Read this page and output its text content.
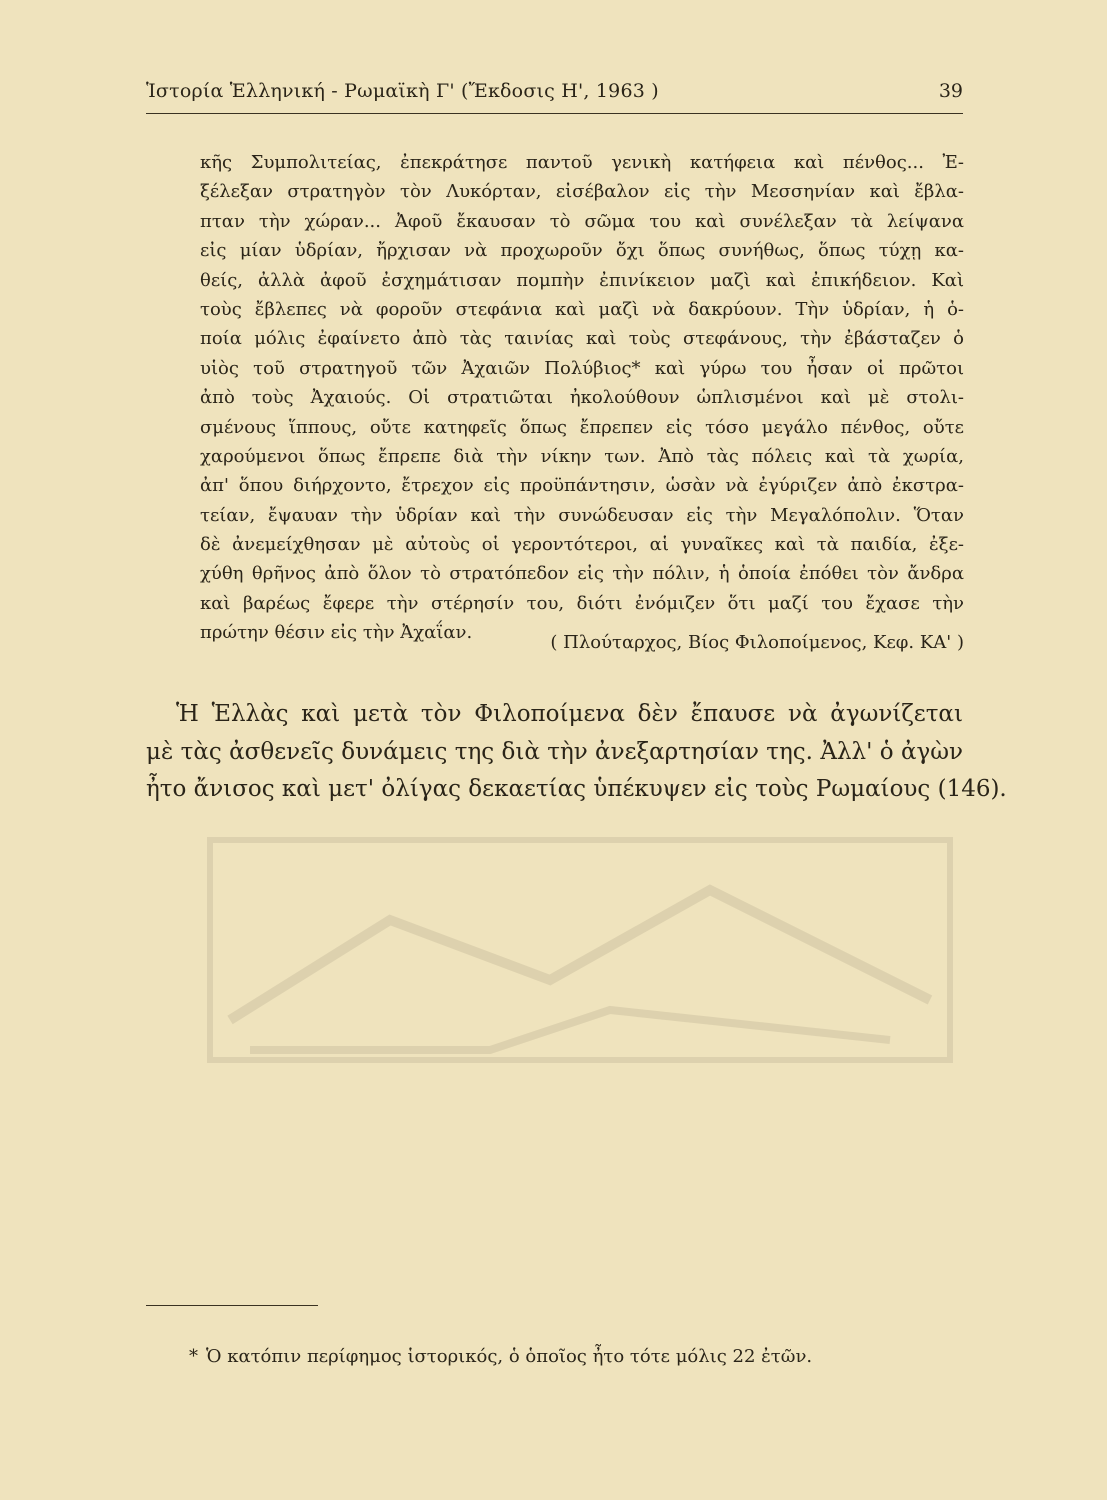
Ἱστορία Ἑλληνική - Ρωμαϊκὴ Γ' (Ἔκδοσις Η', 1963 )	39
κῆς Συμπολιτείας, ἐπεκράτησε παντοῦ γενικὴ κατήφεια καὶ πένθος... Ἐ-
ξέλεξαν στρατηγὸν τὸν Λυκόρταν, εἰσέβαλον εἰς τὴν Μεσσηνίαν καὶ ἔβλα-
πταν τὴν χώραν... Ἀφοῦ ἔκαυσαν τὸ σῶμα του καὶ συνέλεξαν τὰ λείψανα
εἰς μίαν ὑδρίαν, ἤρχισαν νὰ προχωροῦν ὄχι ὅπως συνήθως, ὅπως τύχῃ κα-
θείς, ἀλλὰ ἀφοῦ ἐσχημάτισαν πομπὴν ἐπινίκειον μαζὶ καὶ ἐπικήδειον. Καὶ
τοὺς ἔβλεπες νὰ φοροῦν στεφάνια καὶ μαζὶ νὰ δακρύουν. Τὴν ὑδρίαν, ἡ ὁ-
ποία μόλις ἐφαίνετο ἀπὸ τὰς ταινίας καὶ τοὺς στεφάνους, τὴν ἐβάσταζεν ὁ
υἱὸς τοῦ στρατηγοῦ τῶν Ἀχαιῶν Πολύβιος* καὶ γύρω του ἦσαν οἱ πρῶτοι
ἀπὸ τοὺς Ἀχαιούς. Οἱ στρατιῶται ἠκολούθουν ὡπλισμένοι καὶ μὲ στολι-
σμένους ἵππους, οὔτε κατηφεῖς ὅπως ἔπρεπεν εἰς τόσο μεγάλο πένθος, οὔτε
χαρούμενοι ὅπως ἔπρεπε διὰ τὴν νίκην των. Ἀπὸ τὰς πόλεις καὶ τὰ χωρία,
ἀπ' ὅπου διήρχοντο, ἔτρεχον εἰς προϋπάντησιν, ὡσὰν νὰ ἐγύριζεν ἀπὸ ἐκστρα-
τείαν, ἔψαυαν τὴν ὑδρίαν καὶ τὴν συνώδευσαν εἰς τὴν Μεγαλόπολιν. Ὅταν
δὲ ἀνεμείχθησαν μὲ αὐτοὺς οἱ γεροντότεροι, αἱ γυναῖκες καὶ τὰ παιδία, ἐξε-
χύθη θρῆνος ἀπὸ ὅλον τὸ στρατόπεδον εἰς τὴν πόλιν, ἡ ὁποία ἐπόθει τὸν ἄνδρα
καὶ βαρέως ἔφερε τὴν στέρησίν του, διότι ἐνόμιζεν ὅτι μαζί του ἔχασε τὴν
πρώτην θέσιν εἰς τὴν Ἀχαΐαν.	( Πλούταρχος, Βίος Φιλοποίμενος, Κεφ. ΚΑ' )
Ἡ Ἑλλὰς καὶ μετὰ τὸν Φιλοποίμενα δὲν ἔπαυσε νὰ ἀγωνίζεται
μὲ τὰς ἀσθενεῖς δυνάμεις της διὰ τὴν ἀνεξαρτησίαν της. Ἀλλ' ὁ ἀγὼν
ἦτο ἄνισος καὶ μετ' ὀλίγας δεκαετίας ὑπέκυψεν εἰς τοὺς Ρωμαίους (146).
* Ὁ κατόπιν περίφημος ἱστορικός, ὁ ὁποῖος ἦτο τότε μόλις 22 ἐτῶν.
